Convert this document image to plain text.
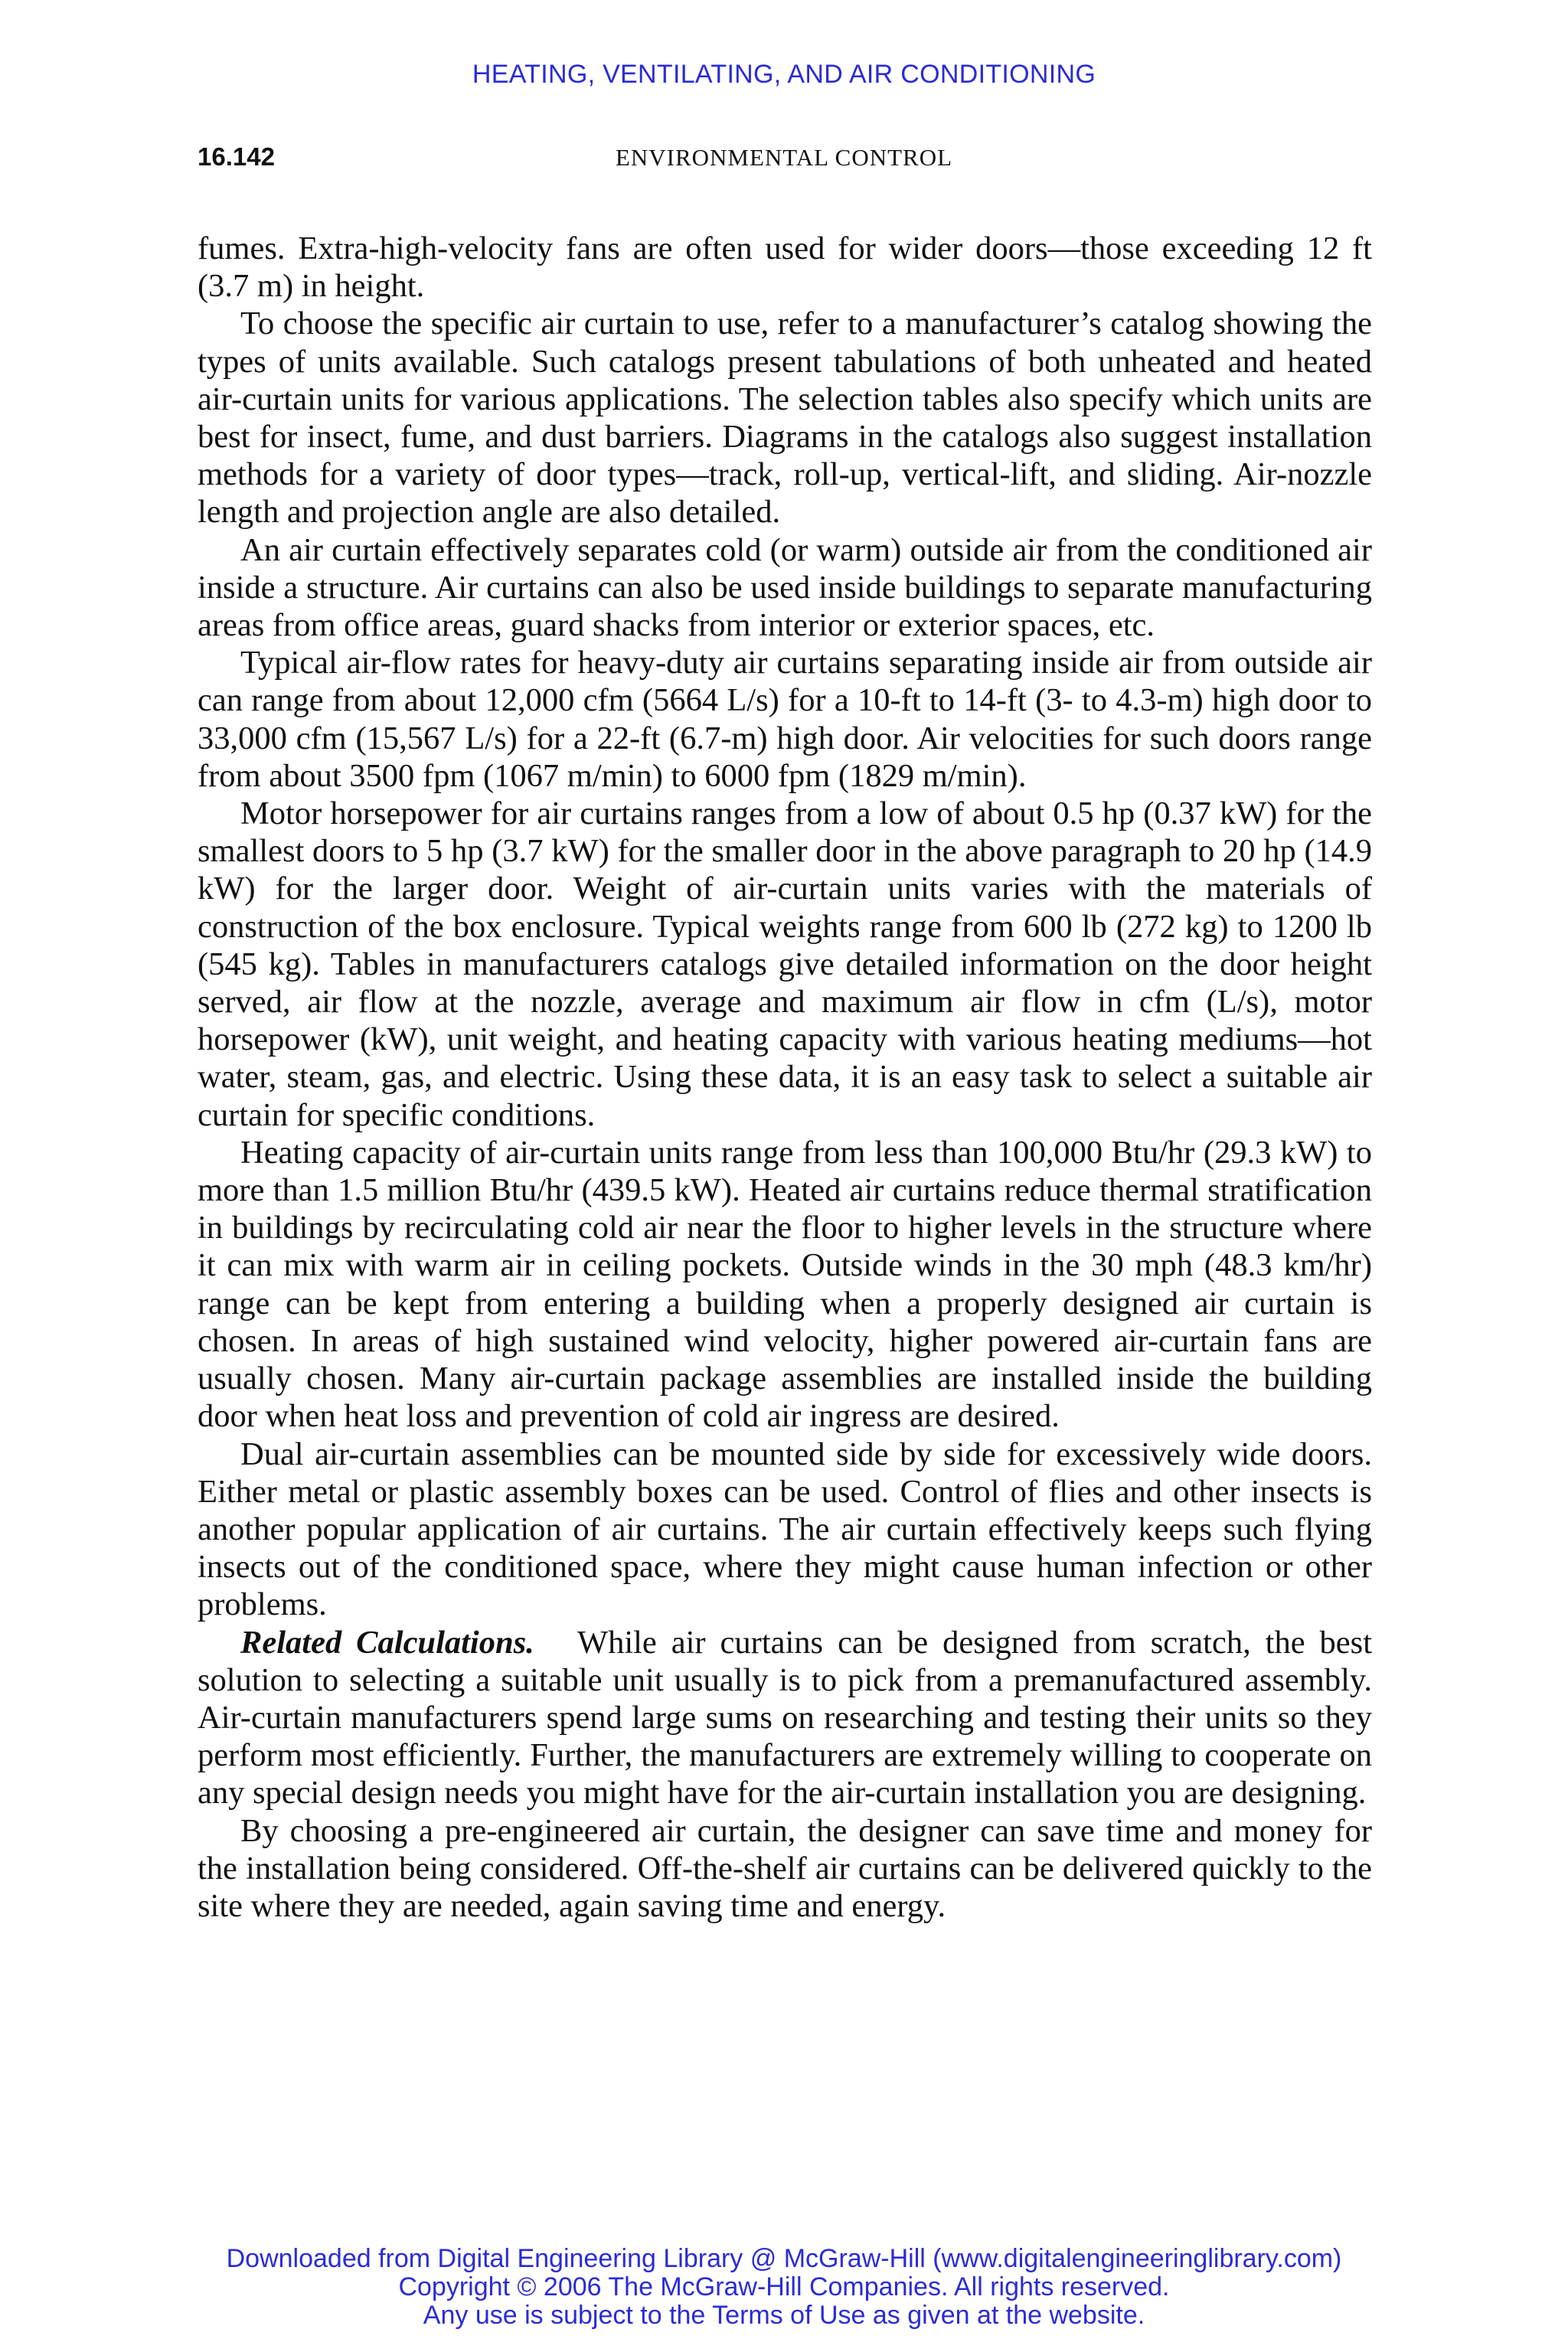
HEATING, VENTILATING, AND AIR CONDITIONING
16.142	ENVIRONMENTAL CONTROL

fumes. Extra-high-velocity fans are often used for wider doors—those exceeding 12 ft (3.7 m) in height.

To choose the specific air curtain to use, refer to a manufacturer’s catalog showing the types of units available. Such catalogs present tabulations of both unheated and heated air-curtain units for various applications. The selection tables also specify which units are best for insect, fume, and dust barriers. Diagrams in the catalogs also suggest installation methods for a variety of door types—track, roll-up, vertical-lift, and sliding. Air-nozzle length and projection angle are also detailed.

An air curtain effectively separates cold (or warm) outside air from the conditioned air inside a structure. Air curtains can also be used inside buildings to separate manufacturing areas from office areas, guard shacks from interior or exterior spaces, etc.

Typical air-flow rates for heavy-duty air curtains separating inside air from outside air can range from about 12,000 cfm (5664 L/s) for a 10-ft to 14-ft (3- to 4.3-m) high door to 33,000 cfm (15,567 L/s) for a 22-ft (6.7-m) high door. Air velocities for such doors range from about 3500 fpm (1067 m/min) to 6000 fpm (1829 m/min).

Motor horsepower for air curtains ranges from a low of about 0.5 hp (0.37 kW) for the smallest doors to 5 hp (3.7 kW) for the smaller door in the above paragraph to 20 hp (14.9 kW) for the larger door. Weight of air-curtain units varies with the materials of construction of the box enclosure. Typical weights range from 600 lb (272 kg) to 1200 lb (545 kg). Tables in manufacturers catalogs give detailed information on the door height served, air flow at the nozzle, average and maximum air flow in cfm (L/s), motor horsepower (kW), unit weight, and heating capacity with various heating mediums—hot water, steam, gas, and electric. Using these data, it is an easy task to select a suitable air curtain for specific conditions.

Heating capacity of air-curtain units range from less than 100,000 Btu/hr (29.3 kW) to more than 1.5 million Btu/hr (439.5 kW). Heated air curtains reduce thermal stratification in buildings by recirculating cold air near the floor to higher levels in the structure where it can mix with warm air in ceiling pockets. Outside winds in the 30 mph (48.3 km/hr) range can be kept from entering a building when a properly designed air curtain is chosen. In areas of high sustained wind velocity, higher powered air-curtain fans are usually chosen. Many air-curtain package assemblies are installed inside the building door when heat loss and prevention of cold air ingress are desired.

Dual air-curtain assemblies can be mounted side by side for excessively wide doors. Either metal or plastic assembly boxes can be used. Control of flies and other insects is another popular application of air curtains. The air curtain effectively keeps such flying insects out of the conditioned space, where they might cause human infection or other problems.

Related Calculations. While air curtains can be designed from scratch, the best solution to selecting a suitable unit usually is to pick from a premanufactured assembly. Air-curtain manufacturers spend large sums on researching and testing their units so they perform most efficiently. Further, the manufacturers are extremely willing to cooperate on any special design needs you might have for the air-curtain installation you are designing.

By choosing a pre-engineered air curtain, the designer can save time and money for the installation being considered. Off-the-shelf air curtains can be delivered quickly to the site where they are needed, again saving time and energy.

Downloaded from Digital Engineering Library @ McGraw-Hill (www.digitalengineeringlibrary.com)
Copyright © 2006 The McGraw-Hill Companies. All rights reserved.
Any use is subject to the Terms of Use as given at the website.
